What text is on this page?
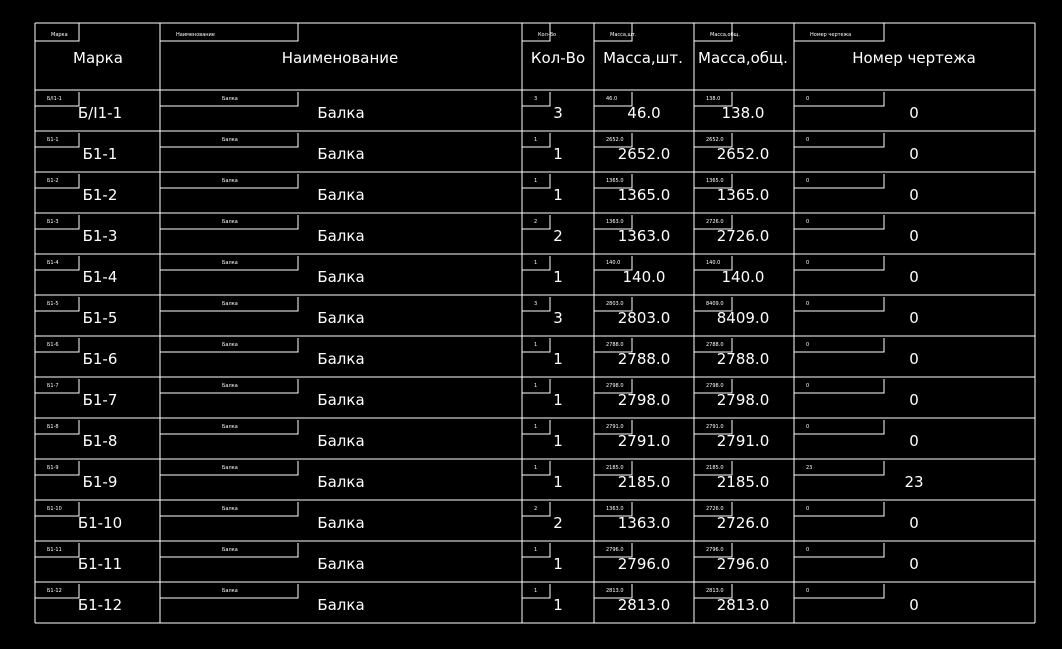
Марка
Марка
Наименование
Наименование
Кол-Во
Кол-Во
Масса,шт.
Масса,шт.
Масса,общ.
Масса,общ.
Номер чертежа
Номер чертежа
Б/I1-1
Б/I1-1
Балка
Балка
3
3
46.0
46.0
138.0
138.0
0
0
Б1-1
Б1-1
Балка
Балка
1
1
2652.0
2652.0
2652.0
2652.0
0
0
Б1-2
Б1-2
Балка
Балка
1
1
1365.0
1365.0
1365.0
1365.0
0
0
Б1-3
Б1-3
Балка
Балка
2
2
1363.0
1363.0
2726.0
2726.0
0
0
Б1-4
Б1-4
Балка
Балка
1
1
140.0
140.0
140.0
140.0
0
0
Б1-5
Б1-5
Балка
Балка
3
3
2803.0
2803.0
8409.0
8409.0
0
0
Б1-6
Б1-6
Балка
Балка
1
1
2788.0
2788.0
2788.0
2788.0
0
0
Б1-7
Б1-7
Балка
Балка
1
1
2798.0
2798.0
2798.0
2798.0
0
0
Б1-8
Б1-8
Балка
Балка
1
1
2791.0
2791.0
2791.0
2791.0
0
0
Б1-9
Б1-9
Балка
Балка
1
1
2185.0
2185.0
2185.0
2185.0
23
23
Б1-10
Б1-10
Балка
Балка
2
2
1363.0
1363.0
2726.0
2726.0
0
0
Б1-11
Б1-11
Балка
Балка
1
1
2796.0
2796.0
2796.0
2796.0
0
0
Б1-12
Б1-12
Балка
Балка
1
1
2813.0
2813.0
2813.0
2813.0
0
0
